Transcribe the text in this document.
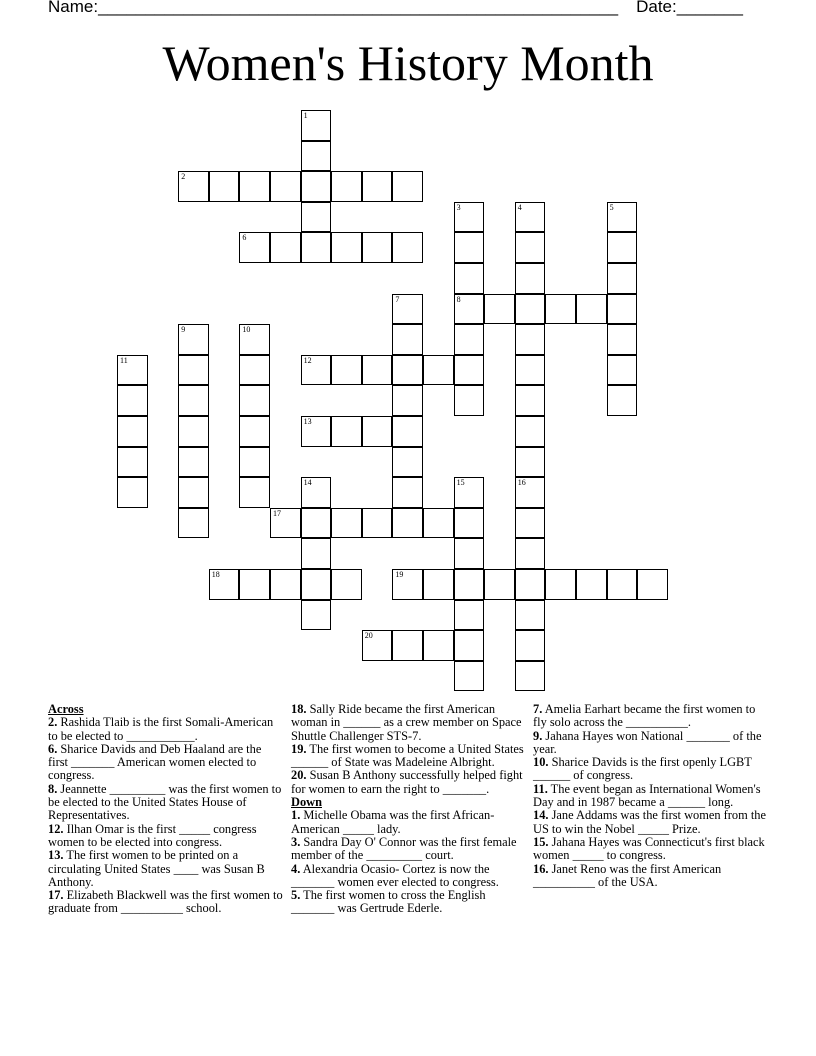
Name:_______________________________________________________ Date:_______
Women's History Month
1
2
3
8
4	5
6
7
9	10
11	12
13
14	15	16
17
18	19
20
Across
2. Rashida Tlaib is the first Somali-American to be elected to ___________.
6. Sharice Davids and Deb Haaland are the first _______ American women elected to congress.
8. Jeannette _________ was the first women to be elected to the United States House of Representatives.
12. Ilhan Omar is the first _____ congress women to be elected into congress.
13. The first women to be printed on a circulating United States ____ was Susan B Anthony.
17. Elizabeth Blackwell was the first women to graduate from __________ school.
18. Sally Ride became the first American woman in ______ as a crew member on Space Shuttle Challenger STS-7.
19. The first women to become a United States ______ of State was Madeleine Albright.
20. Susan B Anthony successfully helped fight for women to earn the right to _______.
Down
1. Michelle Obama was the first African-American _____ lady.
3. Sandra Day O' Connor was the first female member of the _________ court.
4. Alexandria Ocasio- Cortez is now the _______ women ever elected to congress.
5. The first women to cross the English _______ was Gertrude Ederle.
7. Amelia Earhart became the first women to fly solo across the __________.
9. Jahana Hayes won National _______ of the year.
10. Sharice Davids is the first openly LGBT ______ of congress.
11. The event began as International Women's Day and in 1987 became a ______ long.
14. Jane Addams was the first women from the US to win the Nobel _____ Prize.
15. Jahana Hayes was Connecticut's first black women _____ to congress.
16. Janet Reno was the first American __________ of the USA.
